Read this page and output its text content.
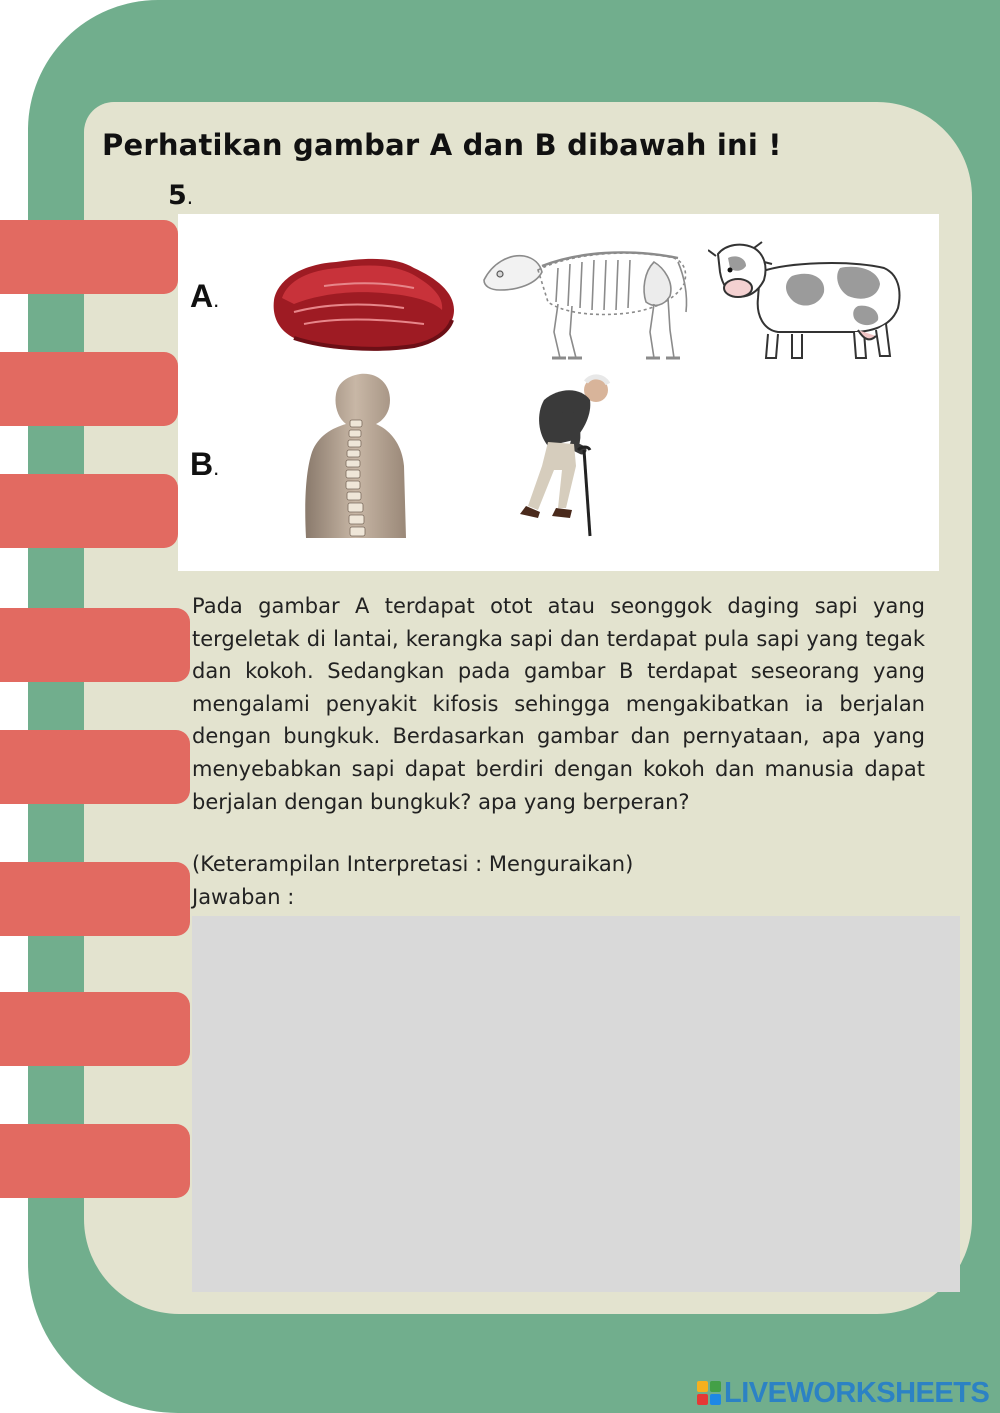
Perhatikan gambar A dan B dibawah ini !
5.
A.
B.

Pada gambar A terdapat otot atau seonggok daging sapi yang tergeletak di lantai, kerangka sapi dan terdapat pula sapi yang tegak dan kokoh. Sedangkan pada gambar B terdapat seseorang yang mengalami penyakit kifosis sehingga mengakibatkan ia berjalan dengan bungkuk. Berdasarkan gambar dan pernyataan, apa yang menyebabkan sapi dapat berdiri dengan kokoh dan manusia dapat berjalan dengan bungkuk? apa yang berperan?

(Keterampilan Interpretasi : Menguraikan)
Jawaban :
LIVEWORKSHEETS
